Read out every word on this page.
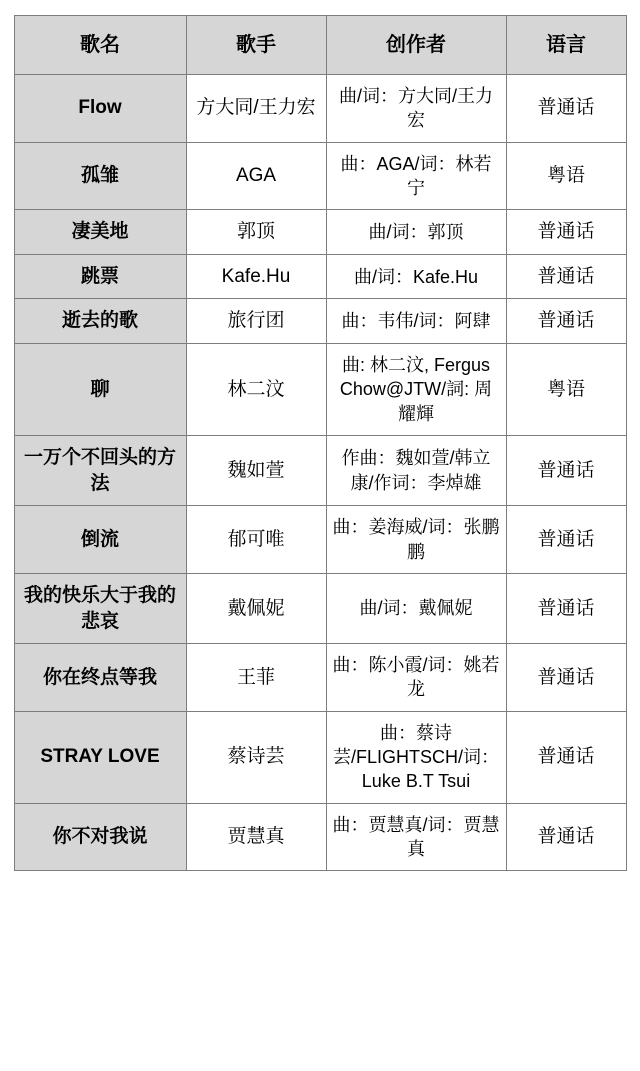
歌名	歌手	创作者	语言
Flow	方大同/王力宏	曲/词：方大同/王力宏	普通话
孤雏	AGA	曲：AGA/词：林若宁	粤语
凄美地	郭顶	曲/词：郭顶	普通话
跳票	Kafe.Hu	曲/词：Kafe.Hu	普通话
逝去的歌	旅行团	曲：韦伟/词：阿肆	普通话
聊	林二汶	曲: 林二汶, Fergus Chow@JTW/詞: 周耀輝	粤语
一万个不回头的方法	魏如萱	作曲：魏如萱/韩立康/作词：李焯雄	普通话
倒流	郁可唯	曲：姜海威/词：张鹏鹏	普通话
我的快乐大于我的悲哀	戴佩妮	曲/词：戴佩妮	普通话
你在终点等我	王菲	曲：陈小霞/词：姚若龙	普通话
STRAY LOVE	蔡诗芸	曲：蔡诗芸/FLIGHTSCH/词：Luke B.T Tsui	普通话
你不对我说	贾慧真	曲：贾慧真/词：贾慧真	普通话
